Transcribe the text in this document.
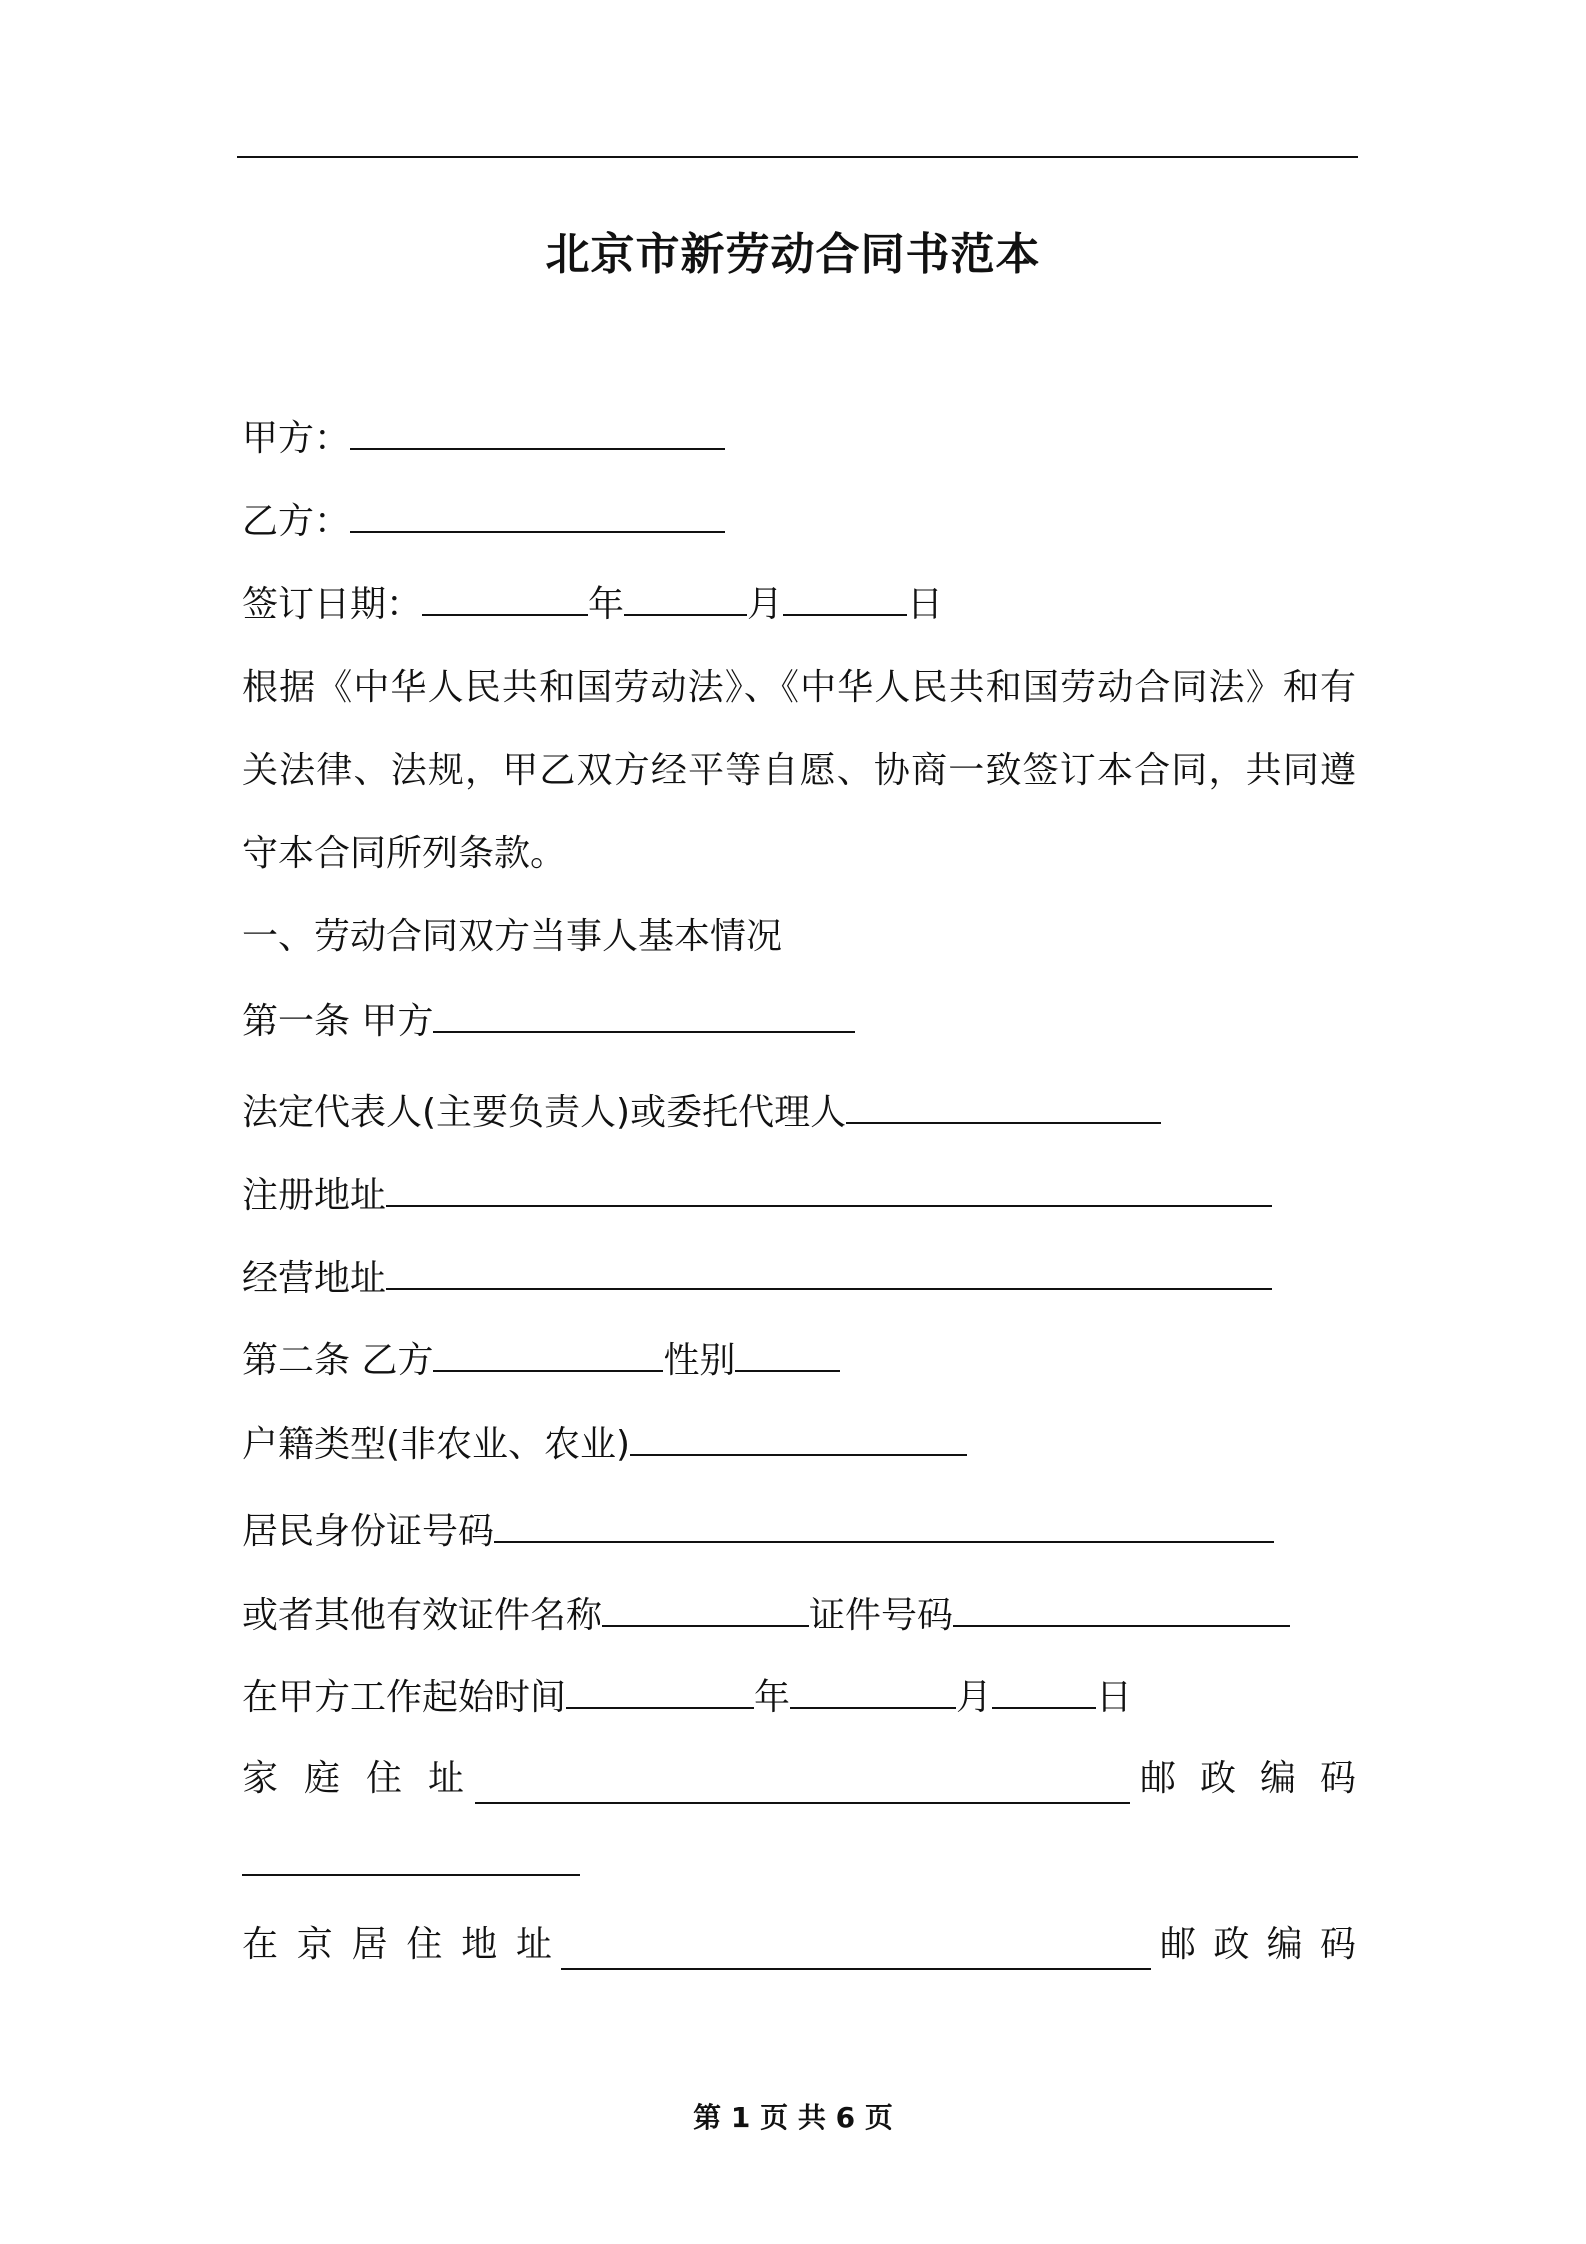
北京市新劳动合同书范本
甲方：
乙方：
签订日期：	年	月	日
根据《中华人民共和国劳动法》、《中华人民共和国劳动合同法》和有关法律、法规，甲乙双方经平等自愿、协商一致签订本合同，共同遵守本合同所列条款。
一、劳动合同双方当事人基本情况
第一条 甲方
法定代表人(主要负责人)或委托代理人
注册地址
经营地址
第二条 乙方	性别
户籍类型(非农业、农业)
居民身份证号码
或者其他有效证件名称	证件号码
在甲方工作起始时间	年	月	日
家 庭 住 址	邮 政 编 码
在 京 居 住 地 址	邮 政 编 码
第 1 页 共 6 页
